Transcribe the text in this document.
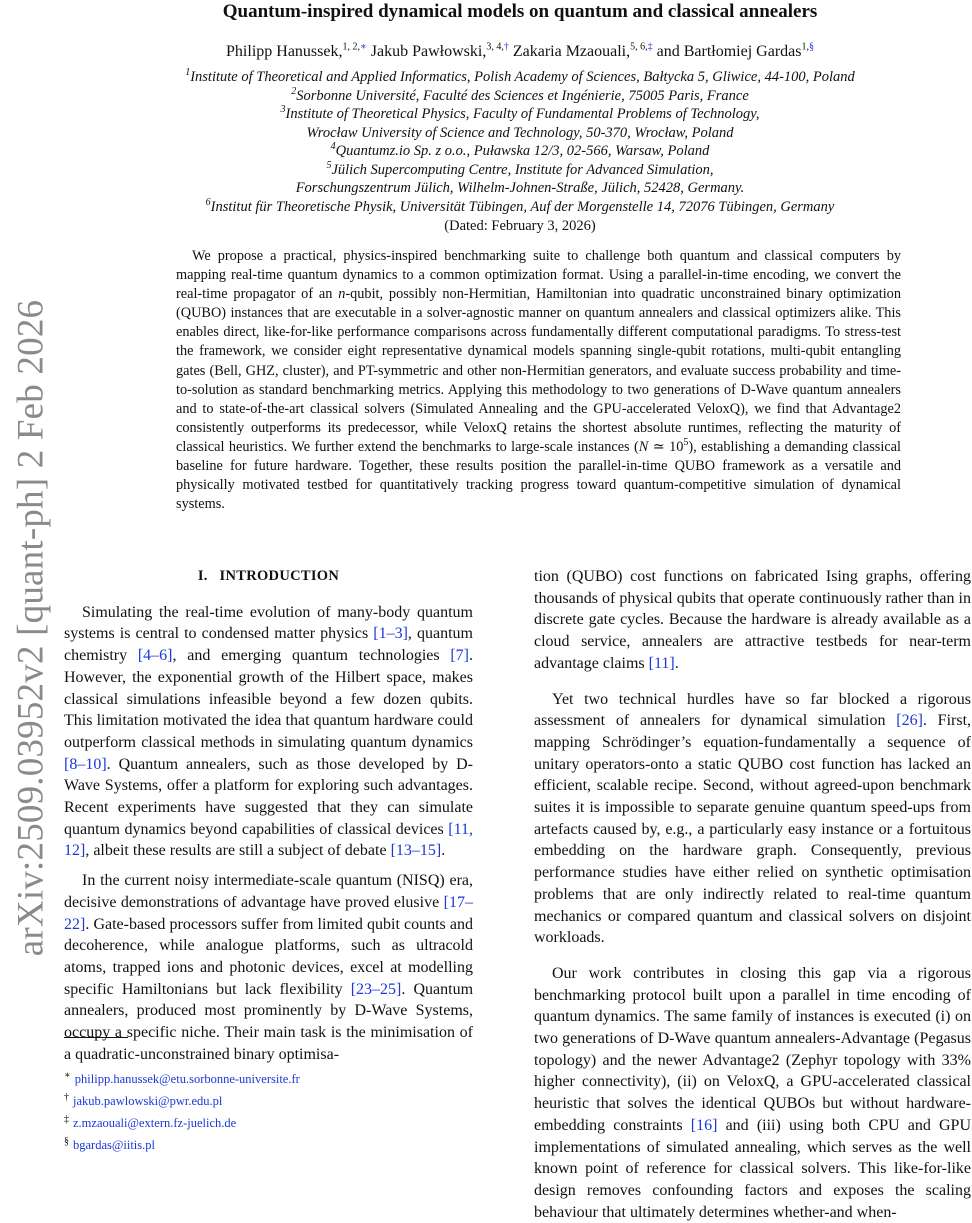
arXiv:2509.03952v2 [quant-ph] 2 Feb 2026
Quantum-inspired dynamical models on quantum and classical annealers
Philipp Hanussek,$^{1, 2,∗}$ Jakub Pawłowski,$^{3, 4,\dagger}$ Zakaria Mzaouali,$^{5, 6,\ddagger}$ and Bartłomiej Gardas$^{1,\S}$
$^1$Institute of Theoretical and Applied Informatics, Polish Academy of Sciences, Bałtycka 5, Gliwice, 44-100, Poland
$^2$Sorbonne Université, Faculté des Sciences et Ingénierie, 75005 Paris, France
$^3$Institute of Theoretical Physics, Faculty of Fundamental Problems of Technology,
Wrocław University of Science and Technology, 50-370, Wrocław, Poland
$^4$Quantumz.io Sp. z o.o., Puławska 12/3, 02-566, Warsaw, Poland
$^5$Jülich Supercomputing Centre, Institute for Advanced Simulation,
Forschungszentrum Jülich, Wilhelm-Johnen-Straße, Jülich, 52428, Germany.
$^6$Institut für Theoretische Physik, Universität Tübingen, Auf der Morgenstelle 14, 72076 Tübingen, Germany
(Dated: February 3, 2026)
We propose a practical, physics-inspired benchmarking suite to challenge both quantum and classical computers by mapping real-time quantum dynamics to a common optimization format. Using a parallel-in-time encoding, we convert the real-time propagator of an n-qubit, possibly non-Hermitian, Hamiltonian into quadratic unconstrained binary optimization (QUBO) instances that are executable in a solver-agnostic manner on quantum annealers and classical optimizers alike. This enables direct, like-for-like performance comparisons across fundamentally different computational paradigms. To stress-test the framework, we consider eight representative dynamical models spanning single-qubit rotations, multi-qubit entangling gates (Bell, GHZ, cluster), and PT-symmetric and other non-Hermitian generators, and evaluate success probability and time-to-solution as standard benchmarking metrics. Applying this methodology to two generations of D-Wave quantum annealers and to state-of-the-art classical solvers (Simulated Annealing and the GPU-accelerated VeloxQ), we find that Advantage2 consistently outperforms its predecessor, while VeloxQ retains the shortest absolute runtimes, reflecting the maturity of classical heuristics. We further extend the benchmarks to large-scale instances (N ≃ $10^5$), establishing a demanding classical baseline for future hardware. Together, these results position the parallel-in-time QUBO framework as a versatile and physically motivated testbed for quantitatively tracking progress toward quantum-competitive simulation of dynamical systems.
I. INTRODUCTION

Simulating the real-time evolution of many-body quantum systems is central to condensed matter physics [1–3], quantum chemistry [4–6], and emerging quantum technologies [7]. However, the exponential growth of the Hilbert space, makes classical simulations infeasible beyond a few dozen qubits. This limitation motivated the idea that quantum hardware could outperform classical methods in simulating quantum dynamics [8–10]. Quantum annealers, such as those developed by D-Wave Systems, offer a platform for exploring such advantages. Recent experiments have suggested that they can simulate quantum dynamics beyond capabilities of classical devices [11, 12], albeit these results are still a subject of debate [13–15].

In the current noisy intermediate-scale quantum (NISQ) era, decisive demonstrations of advantage have proved elusive [17–22]. Gate-based processors suffer from limited qubit counts and decoherence, while analogue platforms, such as ultracold atoms, trapped ions and photonic devices, excel at modelling specific Hamiltonians but lack flexibility [23–25]. Quantum annealers, produced most prominently by D-Wave Systems, occupy a specific niche. Their main task is the minimisation of a quadratic-unconstrained binary optimisa-

tion (QUBO) cost functions on fabricated Ising graphs, offering thousands of physical qubits that operate continuously rather than in discrete gate cycles. Because the hardware is already available as a cloud service, annealers are attractive testbeds for near-term advantage claims [11].

Yet two technical hurdles have so far blocked a rigorous assessment of annealers for dynamical simulation [26]. First, mapping Schrödinger’s equation-fundamentally a sequence of unitary operators-onto a static QUBO cost function has lacked an efficient, scalable recipe. Second, without agreed-upon benchmark suites it is impossible to separate genuine quantum speed-ups from artefacts caused by, e.g., a particularly easy instance or a fortuitous embedding on the hardware graph. Consequently, previous performance studies have either relied on synthetic optimisation problems that are only indirectly related to real-time quantum mechanics or compared quantum and classical solvers on disjoint workloads.

Our work contributes in closing this gap via a rigorous benchmarking protocol built upon a parallel in time encoding of quantum dynamics. The same family of instances is executed (i) on two generations of D-Wave quantum annealers-Advantage (Pegasus topology) and the newer Advantage2 (Zephyr topology with 33% higher connectivity), (ii) on VeloxQ, a GPU-accelerated classical heuristic that solves the identical QUBOs but without hardware-embedding constraints [16] and (iii) using both CPU and GPU implementations of simulated annealing, which serves as the well known point of reference for classical solvers. This like-for-like design removes confounding factors and exposes the scaling behaviour that ultimately determines whether-and when-

∗ philipp.hanussek@etu.sorbonne-universite.fr
† jakub.pawlowski@pwr.edu.pl
‡ z.mzaouali@extern.fz-juelich.de
§ bgardas@iitis.pl
